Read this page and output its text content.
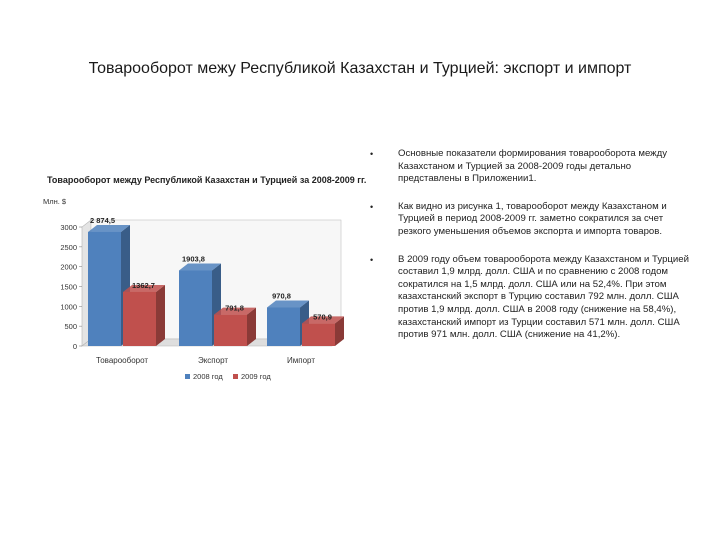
Товарооборот межу Республикой Казахстан и Турцией: экспорт и импорт
0
500
1000
1500
2000
2500
3000
Млн. $
2 874,5
1362,7
Товарооборот
1903,8
791,8
Экспорт
970,8
570,9
Импорт
2008 год 2009 год
Товарооборот между Республикой Казахстан и Турцией за 2008-2009 гг.
•	Основные показатели формирования товарооборота между Казахстаном и Турцией за 2008-2009 годы детально представлены в Приложении1.
•	Как видно из рисунка 1, товарооборот между Казахстаном и Турцией в период 2008-2009 гг. заметно сократился за счет резкого уменьшения объемов экспорта и импорта товаров.
•	В 2009 году объем товарооборота между Казахстаном и Турцией составил 1,9 млрд. долл. США и по сравнению с 2008 годом сократился на 1,5 млрд. долл. США или на 52,4%. При этом казахстанский экспорт в Турцию составил 792 млн. долл. США против 1,9 млрд. долл. США в 2008 году (снижение на 58,4%), казахстанский импорт из Турции составил 571 млн. долл. США против 971 млн. долл. США (снижение на 41,2%).
